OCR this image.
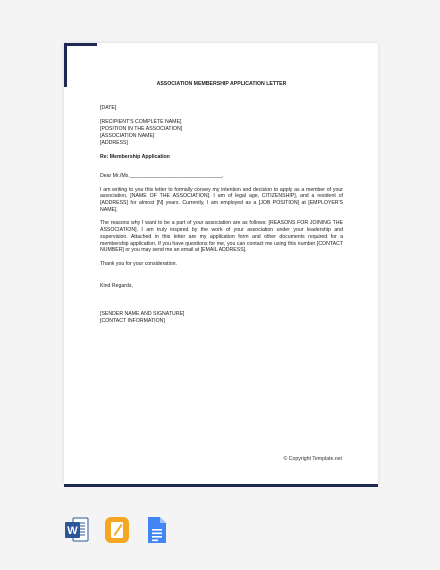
ASSOCIATION MEMBERSHIP APPLICATION LETTER
[DATE]
[RECIPIENT'S COMPLETE NAME]
[POSITION IN THE ASSOCIATION]
[ASSOCIATION NAME]
[ADDRESS]
Re: Membership Application
Dear Mr./Ms.________________________________,
I am writing to you this letter to formally convey my intention and decision to apply as a member of your association, [NAME OF THE ASSOCIATION]. I am of legal age, CITIZENSHIP], and a resident of [ADDRESS] for almost [N] years. Currently, I am employed as a [JOB POSITION] at [EMPLOYER'S NAME].
The reasons why I want to be a part of your association are as follows: [REASONS FOR JOINING THE ASSOCIATION]. I am truly inspired by the work of your association under your leadership and supervision. Attached in this letter are my application form and other documents required for a membership application. If you have questions for me, you can contact me using this number [CONTACT NUMBER] or you may send me an email at [EMAIL ADDRESS].
Thank you for your consideration.
Kind Regards,
[SENDER NAME AND SIGNATURE]
[CONTACT INFORMATION]
© Copyright Template.net
W
